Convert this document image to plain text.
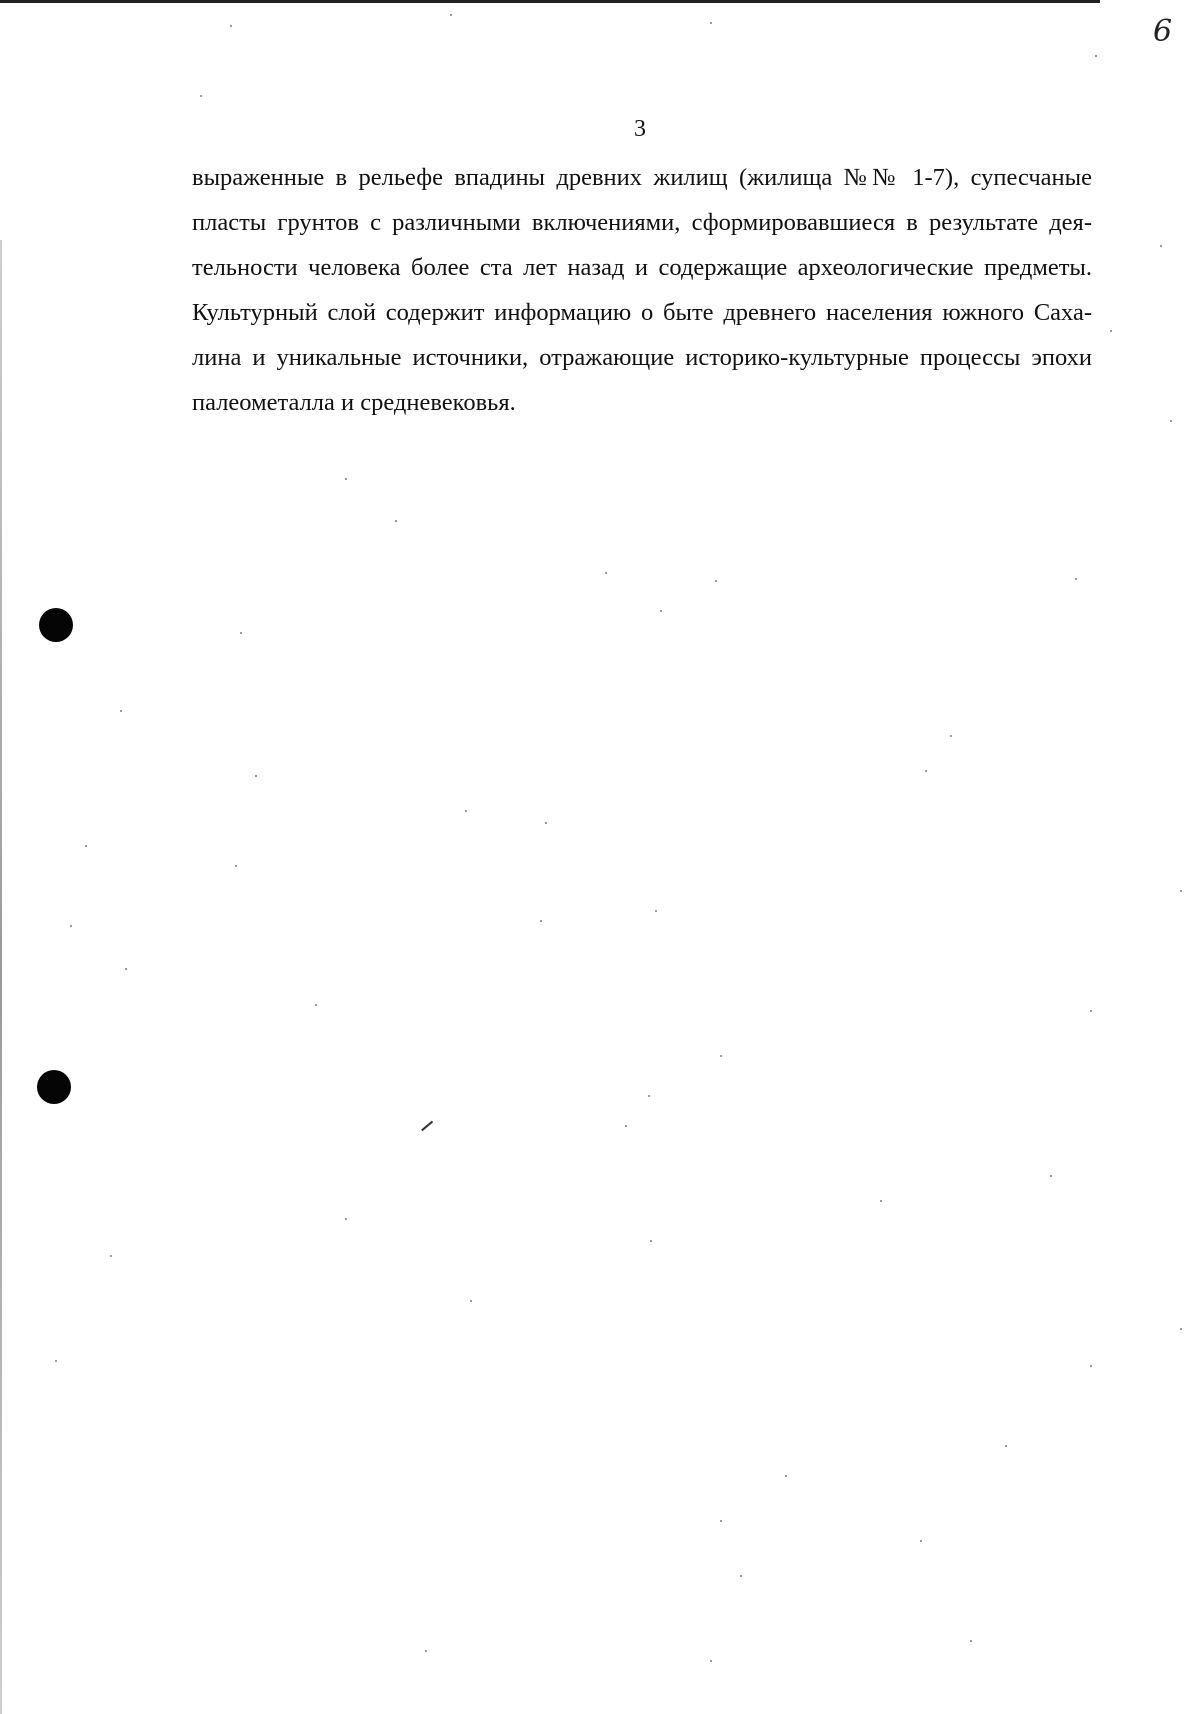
6
3
выраженные в рельефе впадины древних жилищ (жилища №№ 1-7), супесчаные
пласты грунтов с различными включениями, сформировавшиеся в результате дея-
тельности человека более ста лет назад и содержащие археологические предметы.
Культурный слой содержит информацию о быте древнего населения южного Саха-
лина и уникальные источники, отражающие историко-культурные процессы эпохи
палеометалла и средневековья.
